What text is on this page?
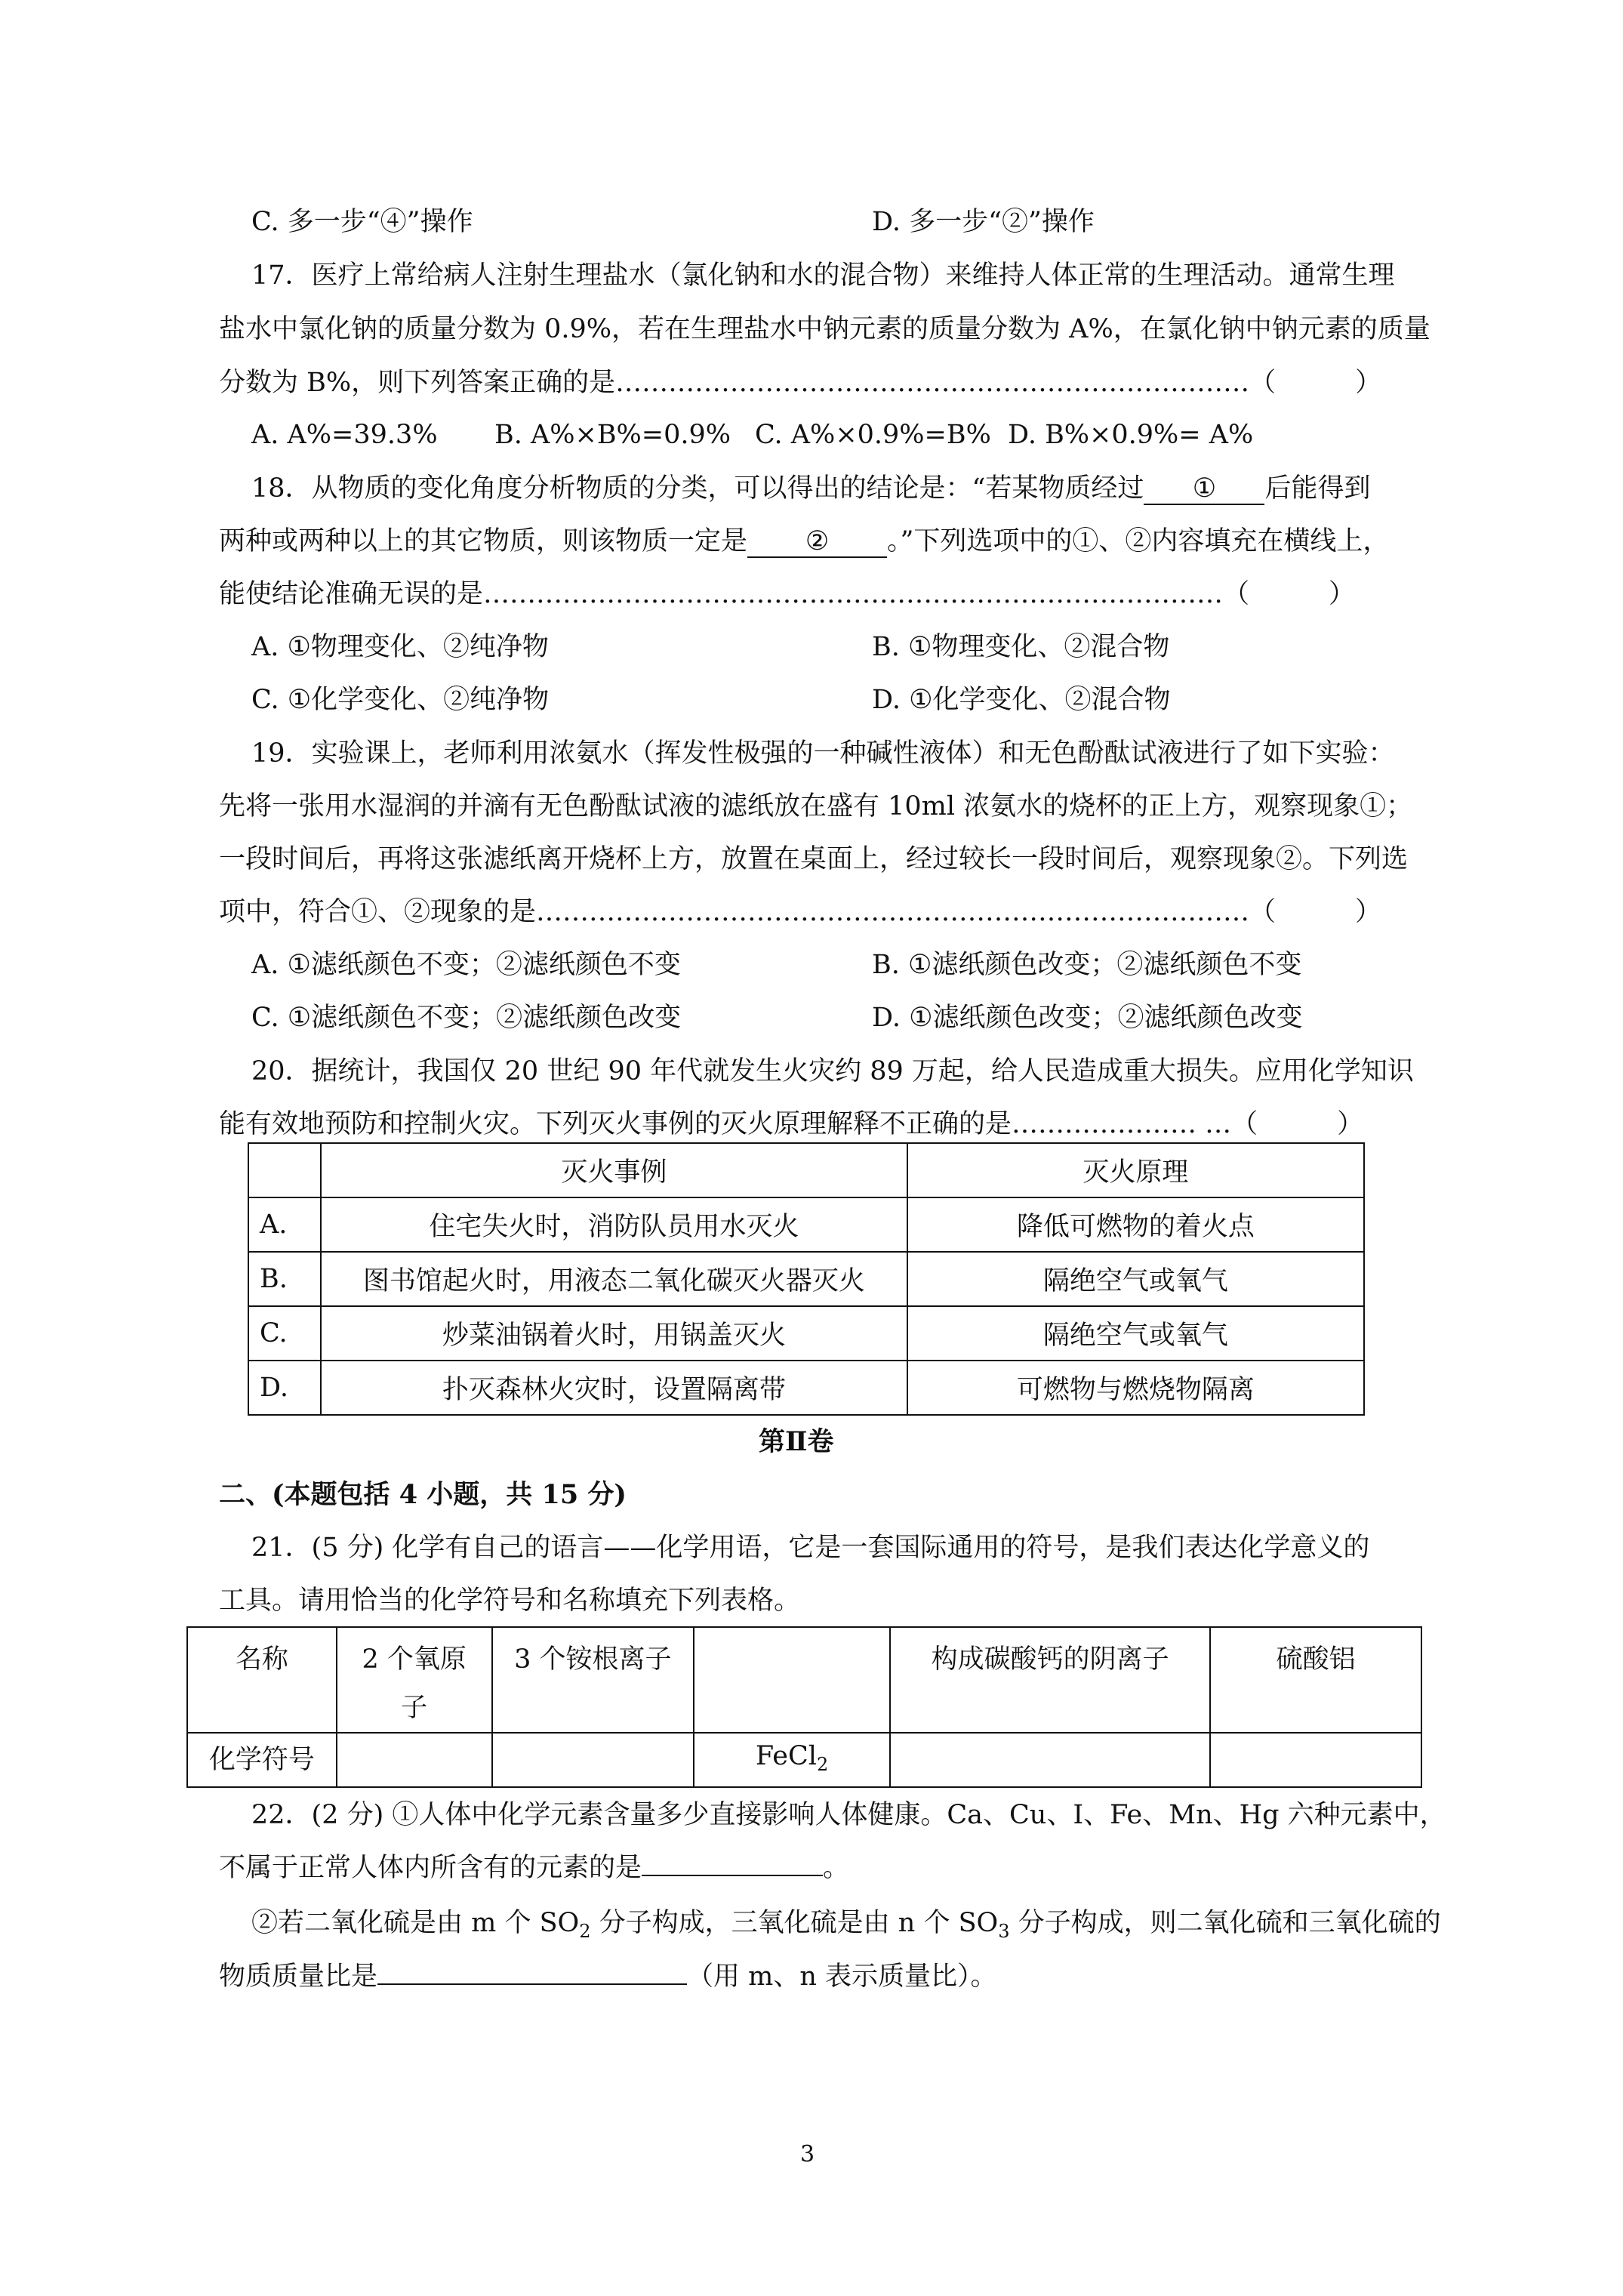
C. 多一步“④”操作	D. 多一步“②”操作
17．医疗上常给病人注射生理盐水（氯化钠和水的混合物）来维持人体正常的生理活动。通常生理
盐水中氯化钠的质量分数为 0.9%，若在生理盐水中钠元素的质量分数为 A%，在氯化钠中钠元素的质量
分数为 B%，则下列答案正确的是………………………………………………………………（　　　）
A. A%=39.3% B. A%×B%=0.9% C. A%×0.9%=B% D. B%×0.9%= A%
18．从物质的变化角度分析物质的分类，可以得出的结论是：“若某物质经过 ① 后能得到
两种或两种以上的其它物质，则该物质一定是 ② 。”下列选项中的①、②内容填充在横线上，
能使结论准确无误的是…………………………………………………………………………（　　　）
A. ①物理变化、②纯净物	B. ①物理变化、②混合物
C. ①化学变化、②纯净物	D. ①化学变化、②混合物
19．实验课上，老师利用浓氨水（挥发性极强的一种碱性液体）和无色酚酞试液进行了如下实验：
先将一张用水湿润的并滴有无色酚酞试液的滤纸放在盛有 10ml 浓氨水的烧杯的正上方，观察现象①；
一段时间后，再将这张滤纸离开烧杯上方，放置在桌面上，经过较长一段时间后，观察现象②。下列选
项中，符合①、②现象的是………………………………………………………………………（　　　）
A. ①滤纸颜色不变；②滤纸颜色不变	B. ①滤纸颜色改变；②滤纸颜色不变
C. ①滤纸颜色不变；②滤纸颜色改变	D. ①滤纸颜色改变；②滤纸颜色改变
20．据统计，我国仅 20 世纪 90 年代就发生火灾约 89 万起，给人民造成重大损失。应用化学知识
能有效地预防和控制火灾。下列灭火事例的灭火原理解释不正确的是………………… …（　　　）
	灭火事例	灭火原理
A.	住宅失火时，消防队员用水灭火	降低可燃物的着火点
B.	图书馆起火时，用液态二氧化碳灭火器灭火	隔绝空气或氧气
C.	炒菜油锅着火时，用锅盖灭火	隔绝空气或氧气
D.	扑灭森林火灾时，设置隔离带	可燃物与燃烧物隔离
第Ⅱ卷
二、(本题包括 4 小题，共 15 分)
21．(5 分) 化学有自己的语言——化学用语，它是一套国际通用的符号，是我们表达化学意义的
工具。请用恰当的化学符号和名称填充下列表格。
名称	2 个氧原子	3 个铵根离子		构成碳酸钙的阴离子	硫酸铝
化学符号			FeCl$_2$		
22．(2 分) ①人体中化学元素含量多少直接影响人体健康。Ca、Cu、I、Fe、Mn、Hg 六种元素中，
不属于正常人体内所含有的元素的是	。
②若二氧化硫是由 m 个 $SO_2$ 分子构成，三氧化硫是由 n 个 $SO_3$ 分子构成，则二氧化硫和三氧化硫的
物质质量比是	（用 m、n 表示质量比）。
3
